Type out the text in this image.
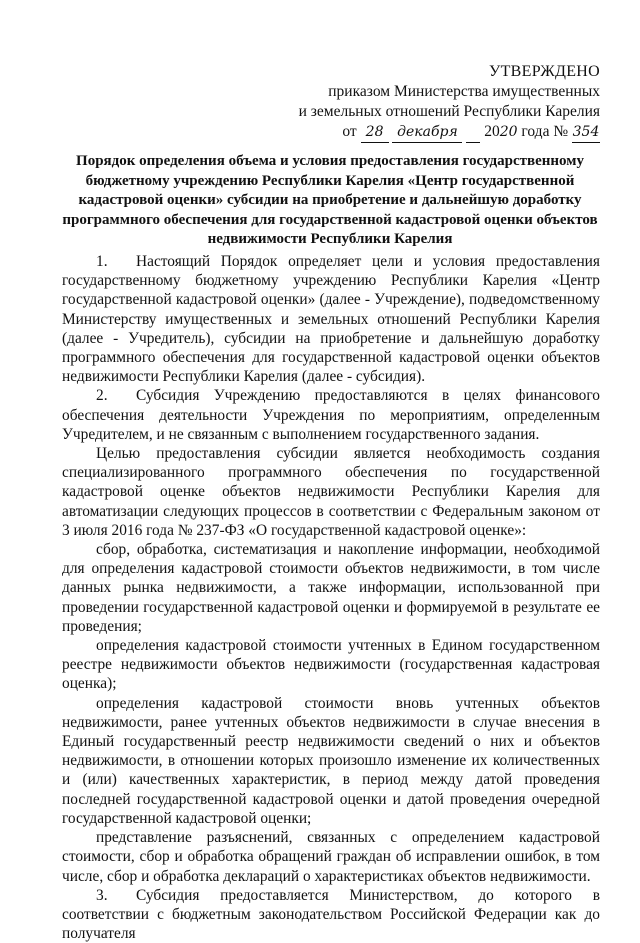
УТВЕРЖДЕНО
приказом Министерства имущественных
и земельных отношений Республики Карелия
от 28 декабря 2020 года № 354
Порядок определения объема и условия предоставления государственному бюджетному учреждению Республики Карелия «Центр государственной кадастровой оценки» субсидии на приобретение и дальнейшую доработку программного обеспечения для государственной кадастровой оценки объектов недвижимости Республики Карелия

1. Настоящий Порядок определяет цели и условия предоставления государственному бюджетному учреждению Республики Карелия «Центр государственной кадастровой оценки» (далее - Учреждение), подведомственному Министерству имущественных и земельных отношений Республики Карелия (далее - Учредитель), субсидии на приобретение и дальнейшую доработку программного обеспечения для государственной кадастровой оценки объектов недвижимости Республики Карелия (далее - субсидия).

2. Субсидия Учреждению предоставляются в целях финансового обеспечения деятельности Учреждения по мероприятиям, определенным Учредителем, и не связанным с выполнением государственного задания.

Целью предоставления субсидии является необходимость создания специализированного программного обеспечения по государственной кадастровой оценке объектов недвижимости Республики Карелия для автоматизации следующих процессов в соответствии с Федеральным законом от 3 июля 2016 года № 237-ФЗ «О государственной кадастровой оценке»:

сбор, обработка, систематизация и накопление информации, необходимой для определения кадастровой стоимости объектов недвижимости, в том числе данных рынка недвижимости, а также информации, использованной при проведении государственной кадастровой оценки и формируемой в результате ее проведения;

определения кадастровой стоимости учтенных в Едином государственном реестре недвижимости объектов недвижимости (государственная кадастровая оценка);

определения кадастровой стоимости вновь учтенных объектов недвижимости, ранее учтенных объектов недвижимости в случае внесения в Единый государственный реестр недвижимости сведений о них и объектов недвижимости, в отношении которых произошло изменение их количественных и (или) качественных характеристик, в период между датой проведения последней государственной кадастровой оценки и датой проведения очередной государственной кадастровой оценки;

представление разъяснений, связанных с определением кадастровой стоимости, сбор и обработка обращений граждан об исправлении ошибок, в том числе, сбор и обработка деклараций о характеристиках объектов недвижимости.

3. Субсидия предоставляется Министерством, до которого в соответствии с бюджетным законодательством Российской Федерации как до получателя
